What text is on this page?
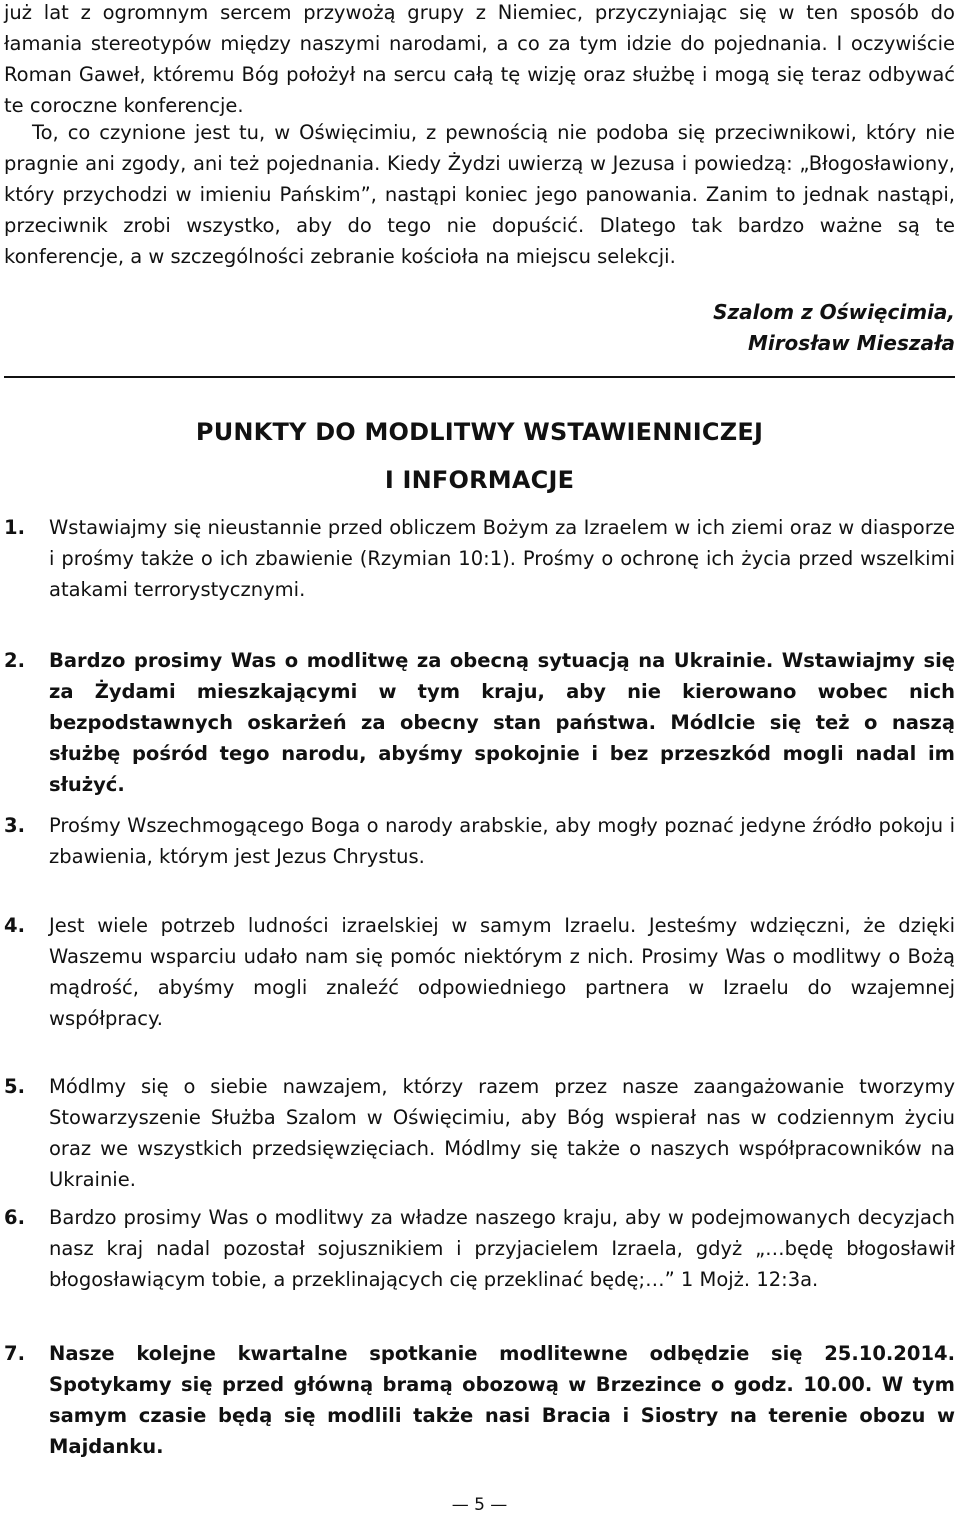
już lat z ogromnym sercem przywożą grupy z Niemiec, przyczyniając się w ten sposób do łamania stereotypów między naszymi narodami, a co za tym idzie do pojednania. I oczywiście Roman Gaweł, któremu Bóg położył na sercu całą tę wizję oraz służbę i mogą się teraz odbywać te coroczne konferencje.

To, co czynione jest tu, w Oświęcimiu, z pewnością nie podoba się przeciwnikowi, który nie pragnie ani zgody, ani też pojednania. Kiedy Żydzi uwierzą w Jezusa i powiedzą: „Błogosławiony, który przychodzi w imieniu Pańskim”, nastąpi koniec jego panowania. Zanim to jednak nastąpi, przeciwnik zrobi wszystko, aby do tego nie dopuścić. Dlatego tak bardzo ważne są te konferencje, a w szczególności zebranie kościoła na miejscu selekcji.

Szalom z Oświęcimia,
Mirosław Mieszała
PUNKTY DO MODLITWY WSTAWIENNICZEJ
I INFORMACJE
1. Wstawiajmy się nieustannie przed obliczem Bożym za Izraelem w ich ziemi oraz w diasporze i prośmy także o ich zbawienie (Rzymian 10:1). Prośmy o ochronę ich życia przed wszelkimi atakami terrorystycznymi.

2. Bardzo prosimy Was o modlitwę za obecną sytuacją na Ukrainie. Wstawiajmy się za Żydami mieszkającymi w tym kraju, aby nie kierowano wobec nich bezpodstawnych oskarżeń za obecny stan państwa. Módlcie się też o naszą służbę pośród tego narodu, abyśmy spokojnie i bez przeszkód mogli nadal im służyć.

3. Prośmy Wszechmogącego Boga o narody arabskie, aby mogły poznać jedyne źródło pokoju i zbawienia, którym jest Jezus Chrystus.

4. Jest wiele potrzeb ludności izraelskiej w samym Izraelu. Jesteśmy wdzięczni, że dzięki Waszemu wsparciu udało nam się pomóc niektórym z nich. Prosimy Was o modlitwy o Bożą mądrość, abyśmy mogli znaleźć odpowiedniego partnera w Izraelu do wzajemnej współpracy.

5. Módlmy się o siebie nawzajem, którzy razem przez nasze zaangażowanie tworzymy Stowarzyszenie Służba Szalom w Oświęcimiu, aby Bóg wspierał nas w codziennym życiu oraz we wszystkich przedsięwzięciach. Módlmy się także o naszych współpracowników na Ukrainie.

6. Bardzo prosimy Was o modlitwy za władze naszego kraju, aby w podejmowanych decyzjach nasz kraj nadal pozostał sojusznikiem i przyjacielem Izraela, gdyż „…będę błogosławił błogosławiącym tobie, a przeklinających cię przeklinać będę;…” 1 Mojż. 12:3a.

7. Nasze kolejne kwartalne spotkanie modlitewne odbędzie się 25.10.2014. Spotykamy się przed główną bramą obozową w Brzezince o godz. 10.00. W tym samym czasie będą się modlili także nasi Bracia i Siostry na terenie obozu w Majdanku.

— 5 —
